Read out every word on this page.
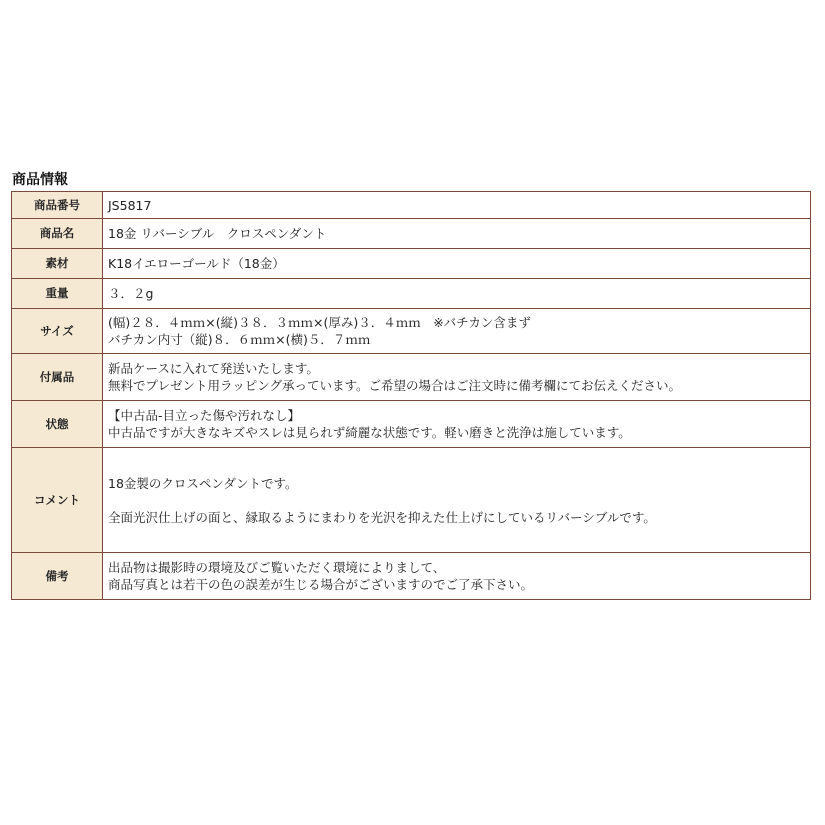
商品情報
商品番号	JS5817
商品名	18金 リバーシブル　クロスペンダント
素材	K18イエローゴールド（18金）
重量	３．２g
サイズ	(幅)２８．４ｍｍ×(縦)３８．３ｍｍ×(厚み)３．４ｍｍ　※バチカン含まず
バチカン内寸（縦)８．６ｍｍ×(横)５．７ｍｍ

付属品	新品ケースに入れて発送いたします。
無料でプレゼント用ラッピング承っています。ご希望の場合はご注文時に備考欄にてお伝えください。

状態	【中古品-目立った傷や汚れなし】
中古品ですが大きなキズやスレは見られず綺麗な状態です。軽い磨きと洗浄は施しています。

コメント	18金製のクロスペンダントです。
全面光沢仕上げの面と、縁取るようにまわりを光沢を抑えた仕上げにしているリバーシブルです。

備考	出品物は撮影時の環境及びご覧いただく環境によりまして、
商品写真とは若干の色の誤差が生じる場合がございますのでご了承下さい。
